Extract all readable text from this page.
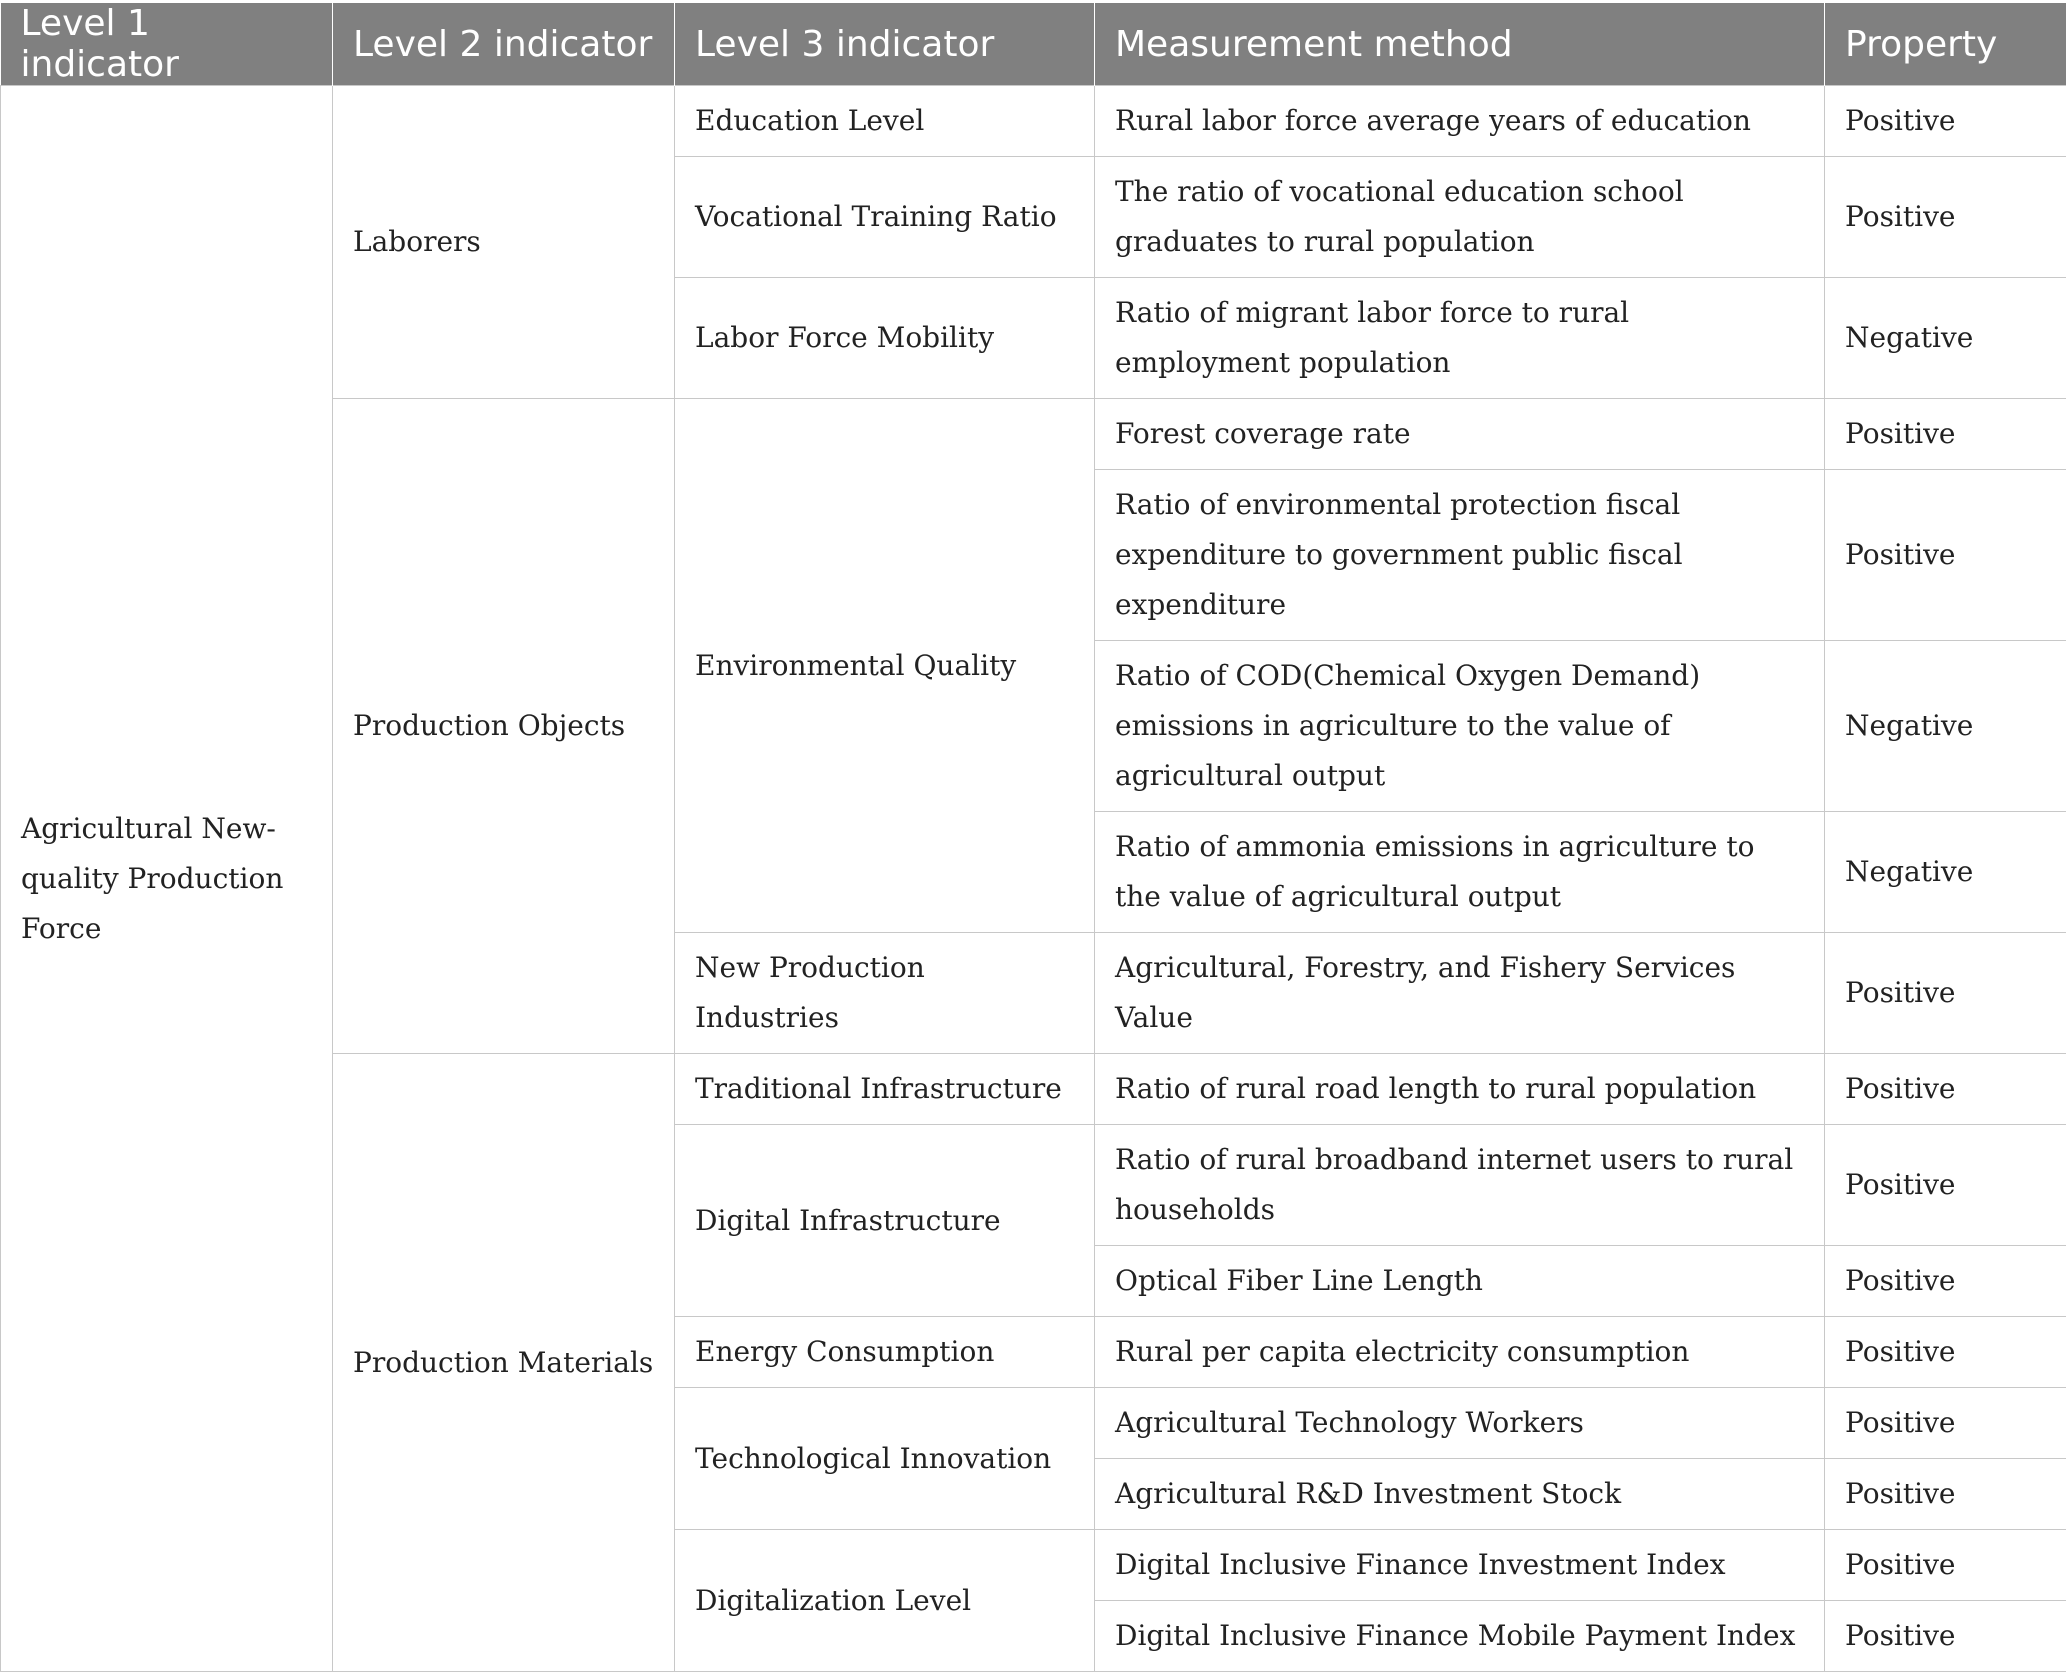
Level 1 indicator	Level 2 indicator	Level 3 indicator	Measurement method	Property
Agricultural New-quality Production Force	Laborers	Education Level	Rural labor force average years of education	Positive
		Vocational Training Ratio	The ratio of vocational education school graduates to rural population	Positive
		Labor Force Mobility	Ratio of migrant labor force to rural employment population	Negative
	Production Objects	Environmental Quality	Forest coverage rate	Positive
			Ratio of environmental protection fiscal expenditure to government public fiscal expenditure	Positive
			Ratio of COD(Chemical Oxygen Demand) emissions in agriculture to the value of agricultural output	Negative
			Ratio of ammonia emissions in agriculture to the value of agricultural output	Negative
		New Production Industries	Agricultural, Forestry, and Fishery Services Value	Positive
	Production Materials	Traditional Infrastructure	Ratio of rural road length to rural population	Positive
		Digital Infrastructure	Ratio of rural broadband internet users to rural households	Positive
			Optical Fiber Line Length	Positive
		Energy Consumption	Rural per capita electricity consumption	Positive
		Technological Innovation	Agricultural Technology Workers	Positive
			Agricultural R&D Investment Stock	Positive
		Digitalization Level	Digital Inclusive Finance Investment Index	Positive
			Digital Inclusive Finance Mobile Payment Index	Positive
